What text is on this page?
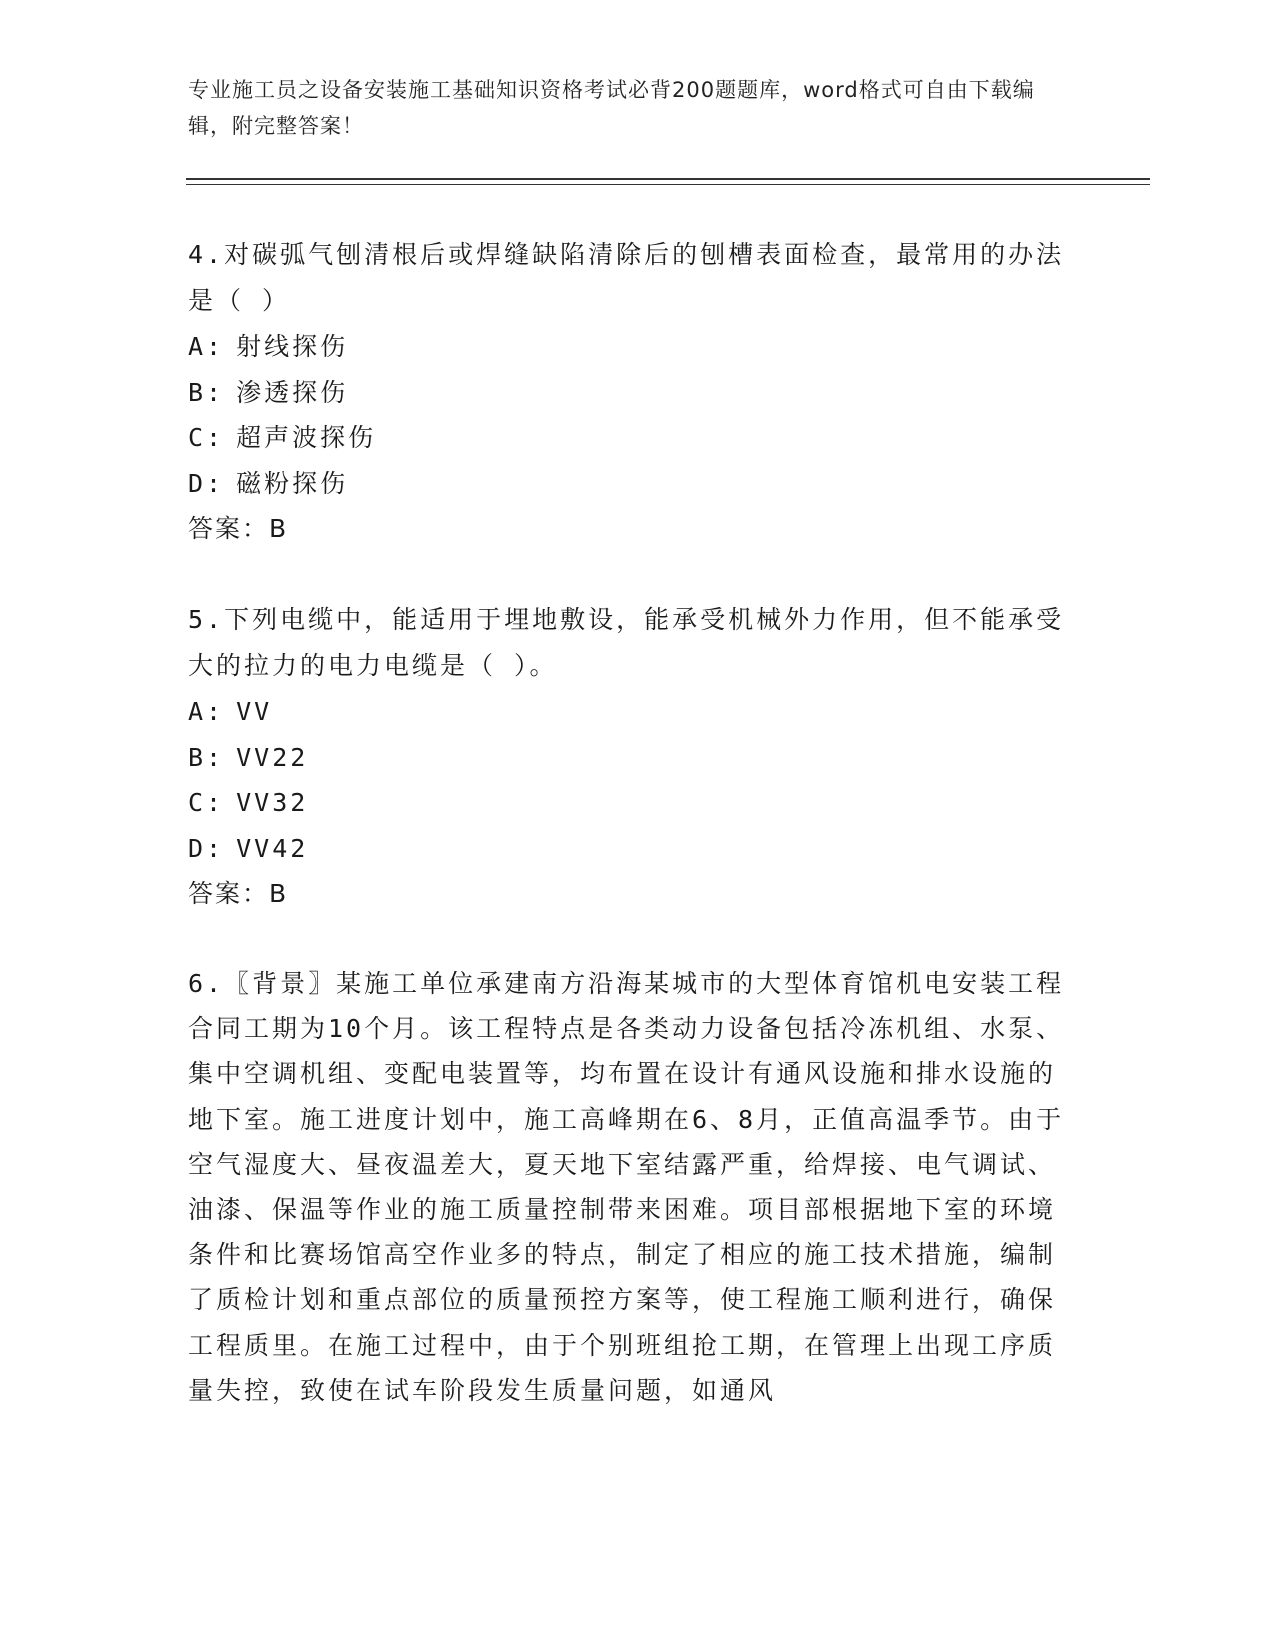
专业施工员之设备安装施工基础知识资格考试必背200题题库，word格式可自由下载编辑，附完整答案！

4.对碳弧气刨清根后或焊缝缺陷清除后的刨槽表面检查，最常用的办法是（ ）

A: 射线探伤

B: 渗透探伤

C: 超声波探伤

D: 磁粉探伤

答案：B

5.下列电缆中，能适用于埋地敷设，能承受机械外力作用，但不能承受大的拉力的电力电缆是（ ）。

A: VV

B: VV22

C: VV32

D: VV42

答案：B

6.〖背景〗某施工单位承建南方沿海某城市的大型体育馆机电安装工程合同工期为10个月。该工程特点是各类动力设备包括冷冻机组、水泵、集中空调机组、变配电装置等，均布置在设计有通风设施和排水设施的地下室。施工进度计划中，施工高峰期在6、8月，正值高温季节。由于空气湿度大、昼夜温差大，夏天地下室结露严重，给焊接、电气调试、油漆、保温等作业的施工质量控制带来困难。项目部根据地下室的环境条件和比赛场馆高空作业多的特点，制定了相应的施工技术措施，编制了质检计划和重点部位的质量预控方案等，使工程施工顺利进行，确保工程质里。在施工过程中，由于个别班组抢工期，在管理上出现工序质量失控，致使在试车阶段发生质量问题，如通风
